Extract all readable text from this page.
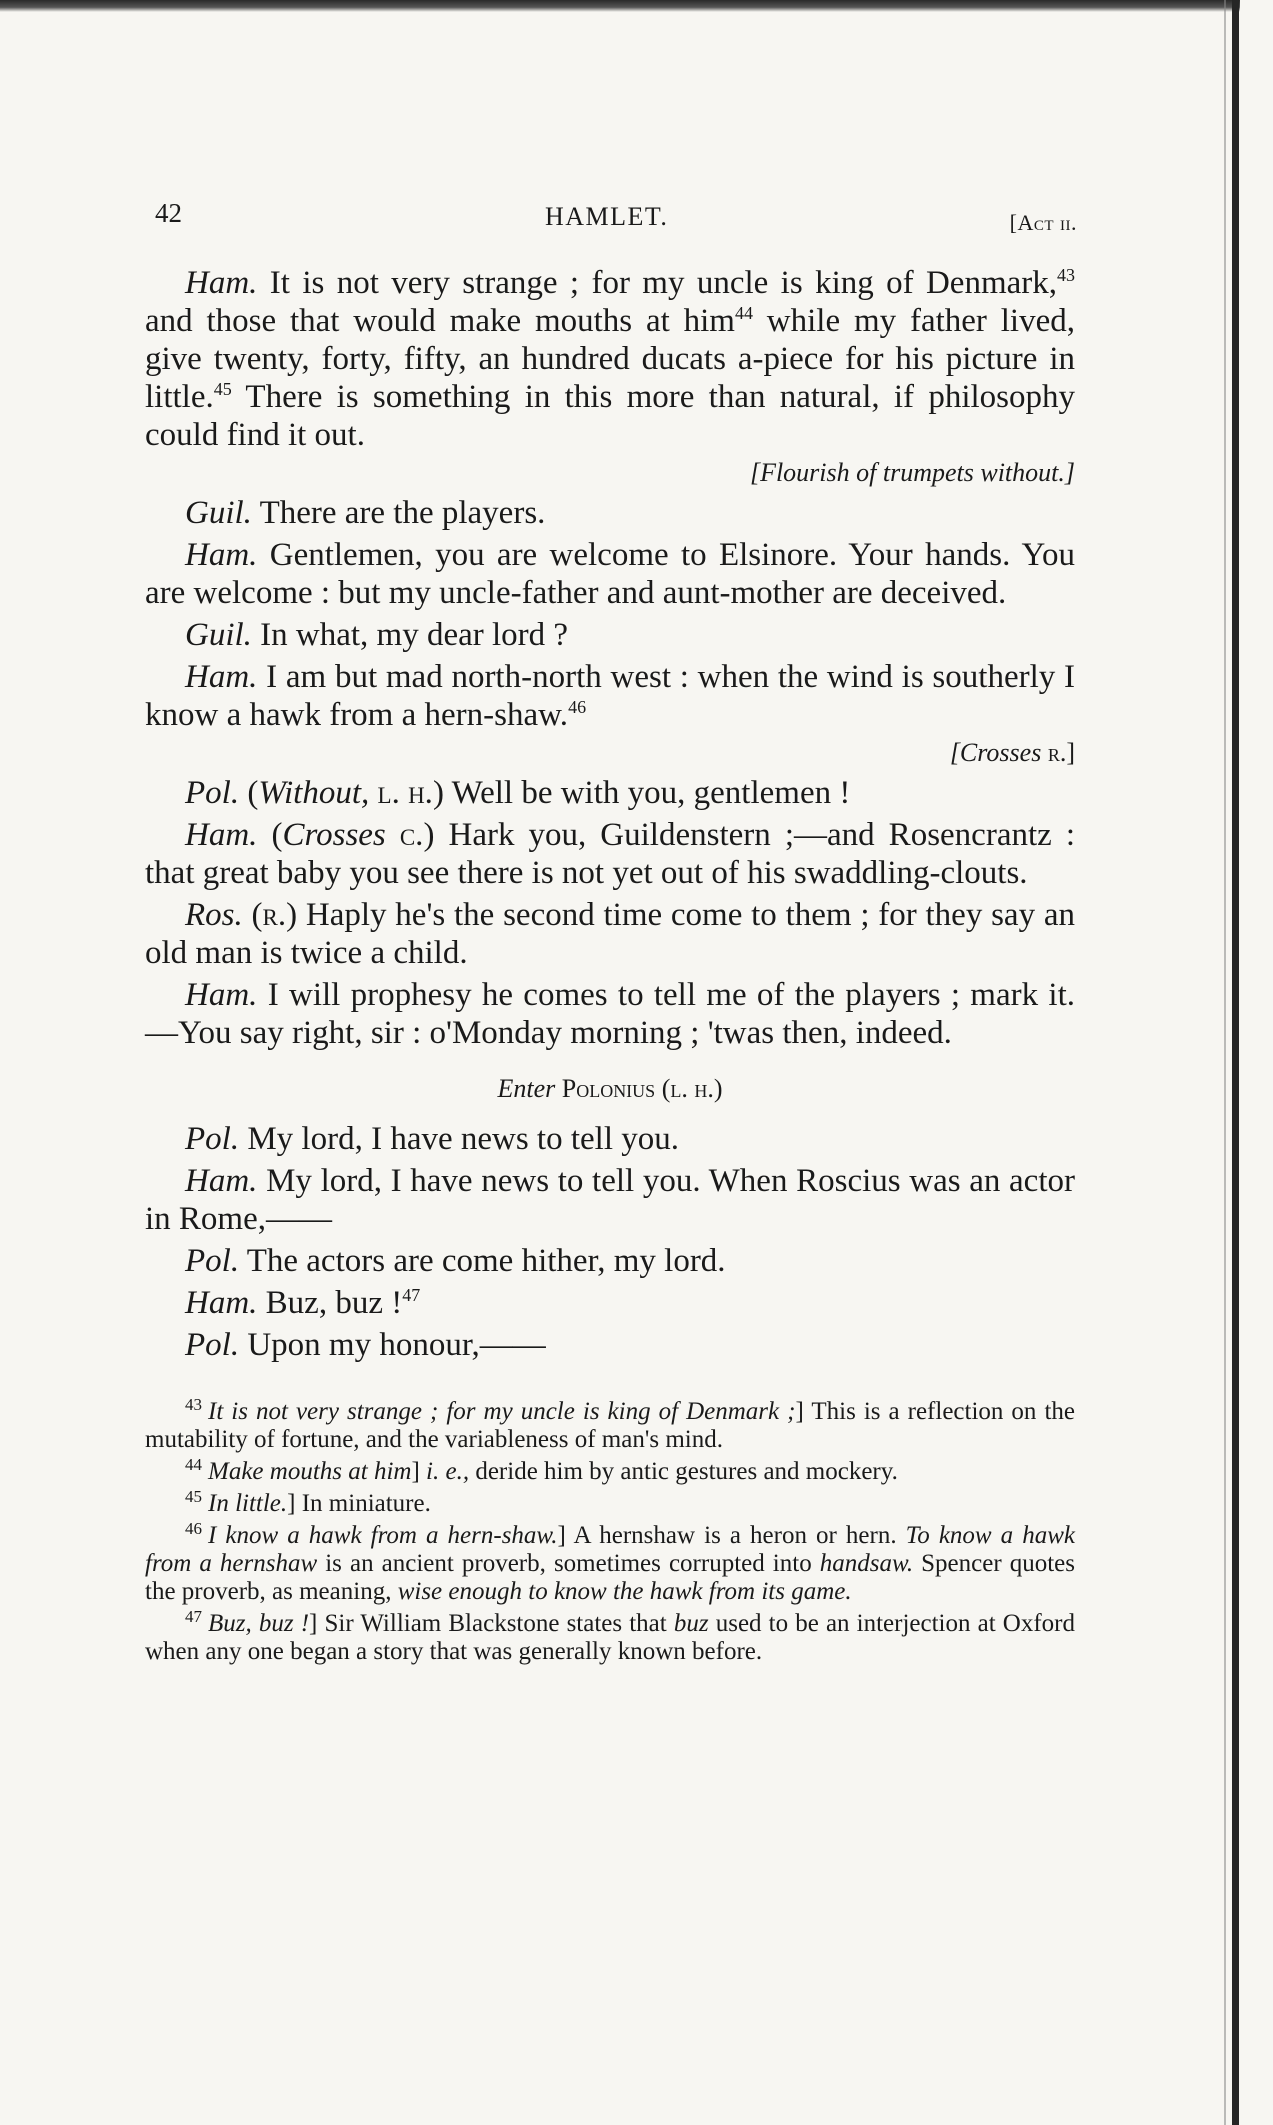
42	HAMLET.	[Act ii.

Ham. It is not very strange ; for my uncle is king of Denmark,$^{43}$ and those that would make mouths at him$^{44}$ while my father lived, give twenty, forty, fifty, an hundred ducats a-piece for his picture in little.$^{45}$ There is something in this more than natural, if philosophy could find it out.

[Flourish of trumpets without.]

Guil. There are the players.

Ham. Gentlemen, you are welcome to Elsinore. Your hands. You are welcome : but my uncle-father and aunt-mother are deceived.

Guil. In what, my dear lord ?

Ham. I am but mad north-north west : when the wind is southerly I know a hawk from a hern-shaw.$^{46}$

[Crosses r.]

Pol. (Without, l. h.) Well be with you, gentlemen !

Ham. (Crosses c.) Hark you, Guildenstern ;—and Rosencrantz : that great baby you see there is not yet out of his swaddling-clouts.

Ros. (r.) Haply he's the second time come to them ; for they say an old man is twice a child.

Ham. I will prophesy he comes to tell me of the players ; mark it.—You say right, sir : o'Monday morning ; 'twas then, indeed.

Enter Polonius (l. h.)

Pol. My lord, I have news to tell you.

Ham. My lord, I have news to tell you. When Roscius was an actor in Rome,——

Pol. The actors are come hither, my lord.

Ham. Buz, buz !$^{47}$

Pol. Upon my honour,——

$^{43}$ It is not very strange ; for my uncle is king of Denmark ;] This is a reflection on the mutability of fortune, and the variableness of man's mind.

$^{44}$ Make mouths at him] i. e., deride him by antic gestures and mockery.

$^{45}$ In little.] In miniature.

$^{46}$ I know a hawk from a hern-shaw.] A hernshaw is a heron or hern. To know a hawk from a hernshaw is an ancient proverb, sometimes corrupted into handsaw. Spencer quotes the proverb, as meaning, wise enough to know the hawk from its game.

$^{47}$ Buz, buz !] Sir William Blackstone states that buz used to be an interjection at Oxford when any one began a story that was generally known before.
